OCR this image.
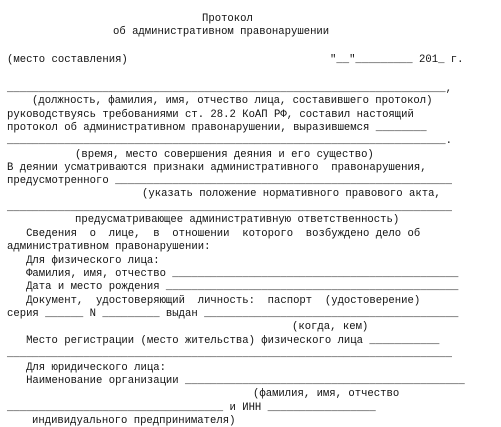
Протокол
об административном правонарушении
(место составления)	"__"_________ 201_ г.
_____________________________________________________________________,
(должность, фамилия, имя, отчество лица, составившего протокол)
руководствуясь требованиями ст. 28.2 КоАП РФ, составил настоящий
протокол об административном правонарушении, выразившемся ________
_____________________________________________________________________.
(время, место совершения деяния и его существо)
В деянии усматриваются признаки административного  правонарушения,
предусмотренного _____________________________________________________
(указать положение нормативного правового акта,
______________________________________________________________________
предусматривающее административную ответственность)
Сведения  о  лице,  в  отношении  которого  возбуждено дело об
административном правонарушении:
Для физического лица:
Фамилия, имя, отчество _____________________________________________
Дата и место рождения ______________________________________________
Документ,  удостоверяющий  личность:  паспорт  (удостоверение)
серия ______ N _________ выдан ________________________________________
(когда, кем)
Место регистрации (место жительства) физического лица ___________
______________________________________________________________________
Для юридического лица:
Наименование организации ____________________________________________
(фамилия, имя, отчество
__________________________________ и ИНН _________________
индивидуального предпринимателя)
